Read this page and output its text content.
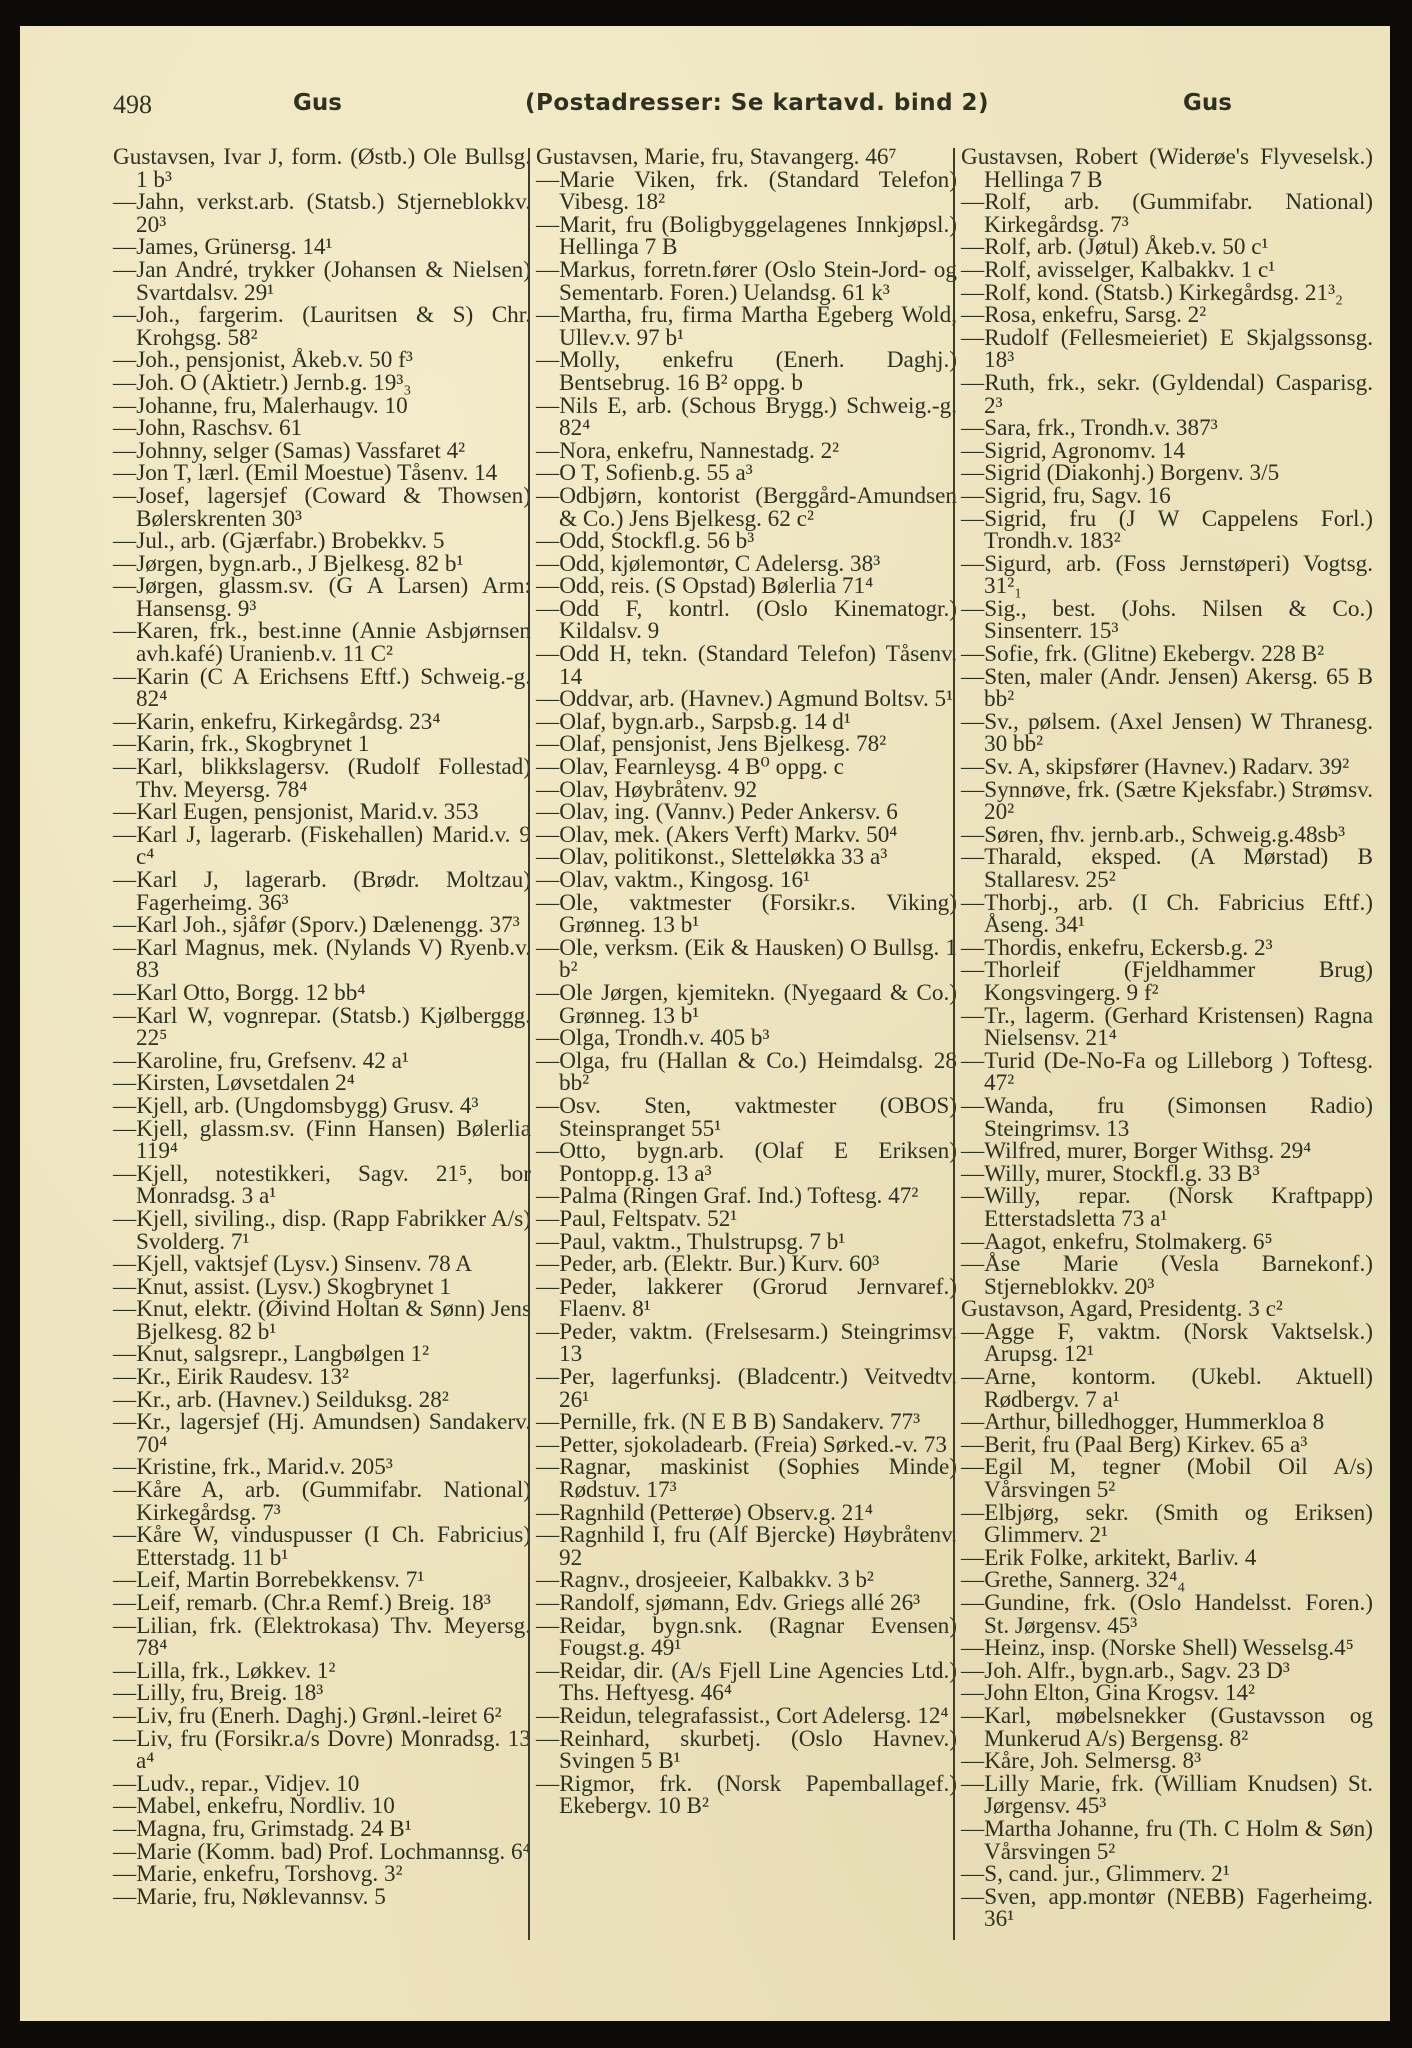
498	Gus	(Postadresser: Se kartavd. bind 2)	Gus

Gustavsen, Ivar J, form. (Østb.) Ole Bullsg. 1 b³

—Jahn, verkst.arb. (Statsb.) Stjerneblokkv. 20³

—James, Grünersg. 14¹

—Jan André, trykker (Johansen & Nielsen) Svartdalsv. 29¹

—Joh., fargerim. (Lauritsen & S) Chr. Krohgsg. 58²

—Joh., pensjonist, Åkeb.v. 50 f³

—Joh. O (Aktietr.) Jernb.g. 19³₃

—Johanne, fru, Malerhaugv. 10

—John, Raschsv. 61

—Johnny, selger (Samas) Vassfaret 4²

—Jon T, lærl. (Emil Moestue) Tåsenv. 14

—Josef, lagersjef (Coward & Thowsen) Bølerskrenten 30³

—Jul., arb. (Gjærfabr.) Brobekkv. 5

—Jørgen, bygn.arb., J Bjelkesg. 82 b¹

—Jørgen, glassm.sv. (G A Larsen) Arm: Hansensg. 9³

—Karen, frk., best.inne (Annie Asbjørnsen avh.kafé) Uranienb.v. 11 C²

—Karin (C A Erichsens Eftf.) Schweig.-g. 82⁴

—Karin, enkefru, Kirkegårdsg. 23⁴

—Karin, frk., Skogbrynet 1

—Karl, blikkslagersv. (Rudolf Follestad) Thv. Meyersg. 78⁴

—Karl Eugen, pensjonist, Marid.v. 353

—Karl J, lagerarb. (Fiskehallen) Marid.v. 9 c⁴

—Karl J, lagerarb. (Brødr. Moltzau) Fagerheimg. 36³

—Karl Joh., sjåfør (Sporv.) Dælenengg. 37³

—Karl Magnus, mek. (Nylands V) Ryenb.v. 83

—Karl Otto, Borgg. 12 bb⁴

—Karl W, vognrepar. (Statsb.) Kjølberggg. 22⁵

—Karoline, fru, Grefsenv. 42 a¹

—Kirsten, Løvsetdalen 2⁴

—Kjell, arb. (Ungdomsbygg) Grusv. 4³

—Kjell, glassm.sv. (Finn Hansen) Bølerlia 119⁴

—Kjell, notestikkeri, Sagv. 21⁵, bor Monradsg. 3 a¹

—Kjell, siviling., disp. (Rapp Fabrikker A/s) Svolderg. 7¹

—Kjell, vaktsjef (Lysv.) Sinsenv. 78 A

—Knut, assist. (Lysv.) Skogbrynet 1

—Knut, elektr. (Øivind Holtan & Sønn) Jens Bjelkesg. 82 b¹

—Knut, salgsrepr., Langbølgen 1²

—Kr., Eirik Raudesv. 13²

—Kr., arb. (Havnev.) Seilduksg. 28²

—Kr., lagersjef (Hj. Amundsen) Sandakerv. 70⁴

—Kristine, frk., Marid.v. 205³

—Kåre A, arb. (Gummifabr. National) Kirkegårdsg. 7³

—Kåre W, vinduspusser (I Ch. Fabricius) Etterstadg. 11 b¹

—Leif, Martin Borrebekkensv. 7¹

—Leif, remarb. (Chr.a Remf.) Breig. 18³

—Lilian, frk. (Elektrokasa) Thv. Meyersg. 78⁴

—Lilla, frk., Løkkev. 1²

—Lilly, fru, Breig. 18³

—Liv, fru (Enerh. Daghj.) Grønl.-leiret 6²

—Liv, fru (Forsikr.a/s Dovre) Monradsg. 13 a⁴

—Ludv., repar., Vidjev. 10

—Mabel, enkefru, Nordliv. 10

—Magna, fru, Grimstadg. 24 B¹

—Marie (Komm. bad) Prof. Lochmannsg. 6⁴

—Marie, enkefru, Torshovg. 3²

—Marie, fru, Nøklevannsv. 5

Gustavsen, Marie, fru, Stavangerg. 46⁷

—Marie Viken, frk. (Standard Telefon) Vibesg. 18²

—Marit, fru (Boligbyggelagenes Innkjøpsl.) Hellinga 7 B

—Markus, forretn.fører (Oslo Stein-Jord- og Sementarb. Foren.) Uelandsg. 61 k³

—Martha, fru, firma Martha Egeberg Wold, Ullev.v. 97 b¹

—Molly, enkefru (Enerh. Daghj.) Bentsebrug. 16 B² oppg. b

—Nils E, arb. (Schous Brygg.) Schweig.-g. 82⁴

—Nora, enkefru, Nannestadg. 2²

—O T, Sofienb.g. 55 a³

—Odbjørn, kontorist (Berggård-Amundsen & Co.) Jens Bjelkesg. 62 c²

—Odd, Stockfl.g. 56 b³

—Odd, kjølemontør, C Adelersg. 38³

—Odd, reis. (S Opstad) Bølerlia 71⁴

—Odd F, kontrl. (Oslo Kinematogr.) Kildalsv. 9

—Odd H, tekn. (Standard Telefon) Tåsenv. 14

—Oddvar, arb. (Havnev.) Agmund Boltsv. 5¹

—Olaf, bygn.arb., Sarpsb.g. 14 d¹

—Olaf, pensjonist, Jens Bjelkesg. 78²

—Olav, Fearnleysg. 4 B⁰ oppg. c

—Olav, Høybråtenv. 92

—Olav, ing. (Vannv.) Peder Ankersv. 6

—Olav, mek. (Akers Verft) Markv. 50⁴

—Olav, politikonst., Sletteløkka 33 a³

—Olav, vaktm., Kingosg. 16¹

—Ole, vaktmester (Forsikr.s. Viking) Grønneg. 13 b¹

—Ole, verksm. (Eik & Hausken) O Bullsg. 1 b²

—Ole Jørgen, kjemitekn. (Nyegaard & Co.) Grønneg. 13 b¹

—Olga, Trondh.v. 405 b³

—Olga, fru (Hallan & Co.) Heimdalsg. 28 bb²

—Osv. Sten, vaktmester (OBOS) Steinspranget 55¹

—Otto, bygn.arb. (Olaf E Eriksen) Pontopp.g. 13 a³

—Palma (Ringen Graf. Ind.) Toftesg. 47²

—Paul, Feltspatv. 52¹

—Paul, vaktm., Thulstrupsg. 7 b¹

—Peder, arb. (Elektr. Bur.) Kurv. 60³

—Peder, lakkerer (Grorud Jernvaref.) Flaenv. 8¹

—Peder, vaktm. (Frelsesarm.) Steingrimsv. 13

—Per, lagerfunksj. (Bladcentr.) Veitvedtv. 26¹

—Pernille, frk. (N E B B) Sandakerv. 77³

—Petter, sjokoladearb. (Freia) Sørked.-v. 73

—Ragnar, maskinist (Sophies Minde) Rødstuv. 17³

—Ragnhild (Petterøe) Observ.g. 21⁴

—Ragnhild I, fru (Alf Bjercke) Høybråtenv. 92

—Ragnv., drosjeeier, Kalbakkv. 3 b²

—Randolf, sjømann, Edv. Griegs allé 26³

—Reidar, bygn.snk. (Ragnar Evensen) Fougst.g. 49¹

—Reidar, dir. (A/s Fjell Line Agencies Ltd.) Ths. Heftyesg. 46⁴

—Reidun, telegrafassist., Cort Adelersg. 12⁴

—Reinhard, skurbetj. (Oslo Havnev.) Svingen 5 B¹

—Rigmor, frk. (Norsk Papemballagef.) Ekebergv. 10 B²

Gustavsen, Robert (Widerøe's Flyveselsk.) Hellinga 7 B

—Rolf, arb. (Gummifabr. National) Kirkegårdsg. 7³

—Rolf, arb. (Jøtul) Åkeb.v. 50 c¹

—Rolf, avisselger, Kalbakkv. 1 c¹

—Rolf, kond. (Statsb.) Kirkegårdsg. 21³₂

—Rosa, enkefru, Sarsg. 2²

—Rudolf (Fellesmeieriet) E Skjalgssonsg. 18³

—Ruth, frk., sekr. (Gyldendal) Casparisg. 2³

—Sara, frk., Trondh.v. 387³

—Sigrid, Agronomv. 14

—Sigrid (Diakonhj.) Borgenv. 3/5

—Sigrid, fru, Sagv. 16

—Sigrid, fru (J W Cappelens Forl.) Trondh.v. 183²

—Sigurd, arb. (Foss Jernstøperi) Vogtsg. 31²₁

—Sig., best. (Johs. Nilsen & Co.) Sinsenterr. 15³

—Sofie, frk. (Glitne) Ekebergv. 228 B²

—Sten, maler (Andr. Jensen) Akersg. 65 B bb²

—Sv., pølsem. (Axel Jensen) W Thranesg. 30 bb²

—Sv. A, skipsfører (Havnev.) Radarv. 39²

—Synnøve, frk. (Sætre Kjeksfabr.) Strømsv. 20²

—Søren, fhv. jernb.arb., Schweig.g.48sb³

—Tharald, eksped. (A Mørstad) B Stallaresv. 25²

—Thorbj., arb. (I Ch. Fabricius Eftf.) Åseng. 34¹

—Thordis, enkefru, Eckersb.g. 2³

—Thorleif (Fjeldhammer Brug) Kongsvingerg. 9 f²

—Tr., lagerm. (Gerhard Kristensen) Ragna Nielsensv. 21⁴

—Turid (De-No-Fa og Lilleborg ) Toftesg. 47²

—Wanda, fru (Simonsen Radio) Steingrimsv. 13

—Wilfred, murer, Borger Withsg. 29⁴

—Willy, murer, Stockfl.g. 33 B³

—Willy, repar. (Norsk Kraftpapp) Etterstadsletta 73 a¹

—Aagot, enkefru, Stolmakerg. 6⁵

—Åse Marie (Vesla Barnekonf.) Stjerneblokkv. 20³

Gustavson, Agard, Presidentg. 3 c²

—Agge F, vaktm. (Norsk Vaktselsk.) Arupsg. 12¹

—Arne, kontorm. (Ukebl. Aktuell) Rødbergv. 7 a¹

—Arthur, billedhogger, Hummerkloa 8

—Berit, fru (Paal Berg) Kirkev. 65 a³

—Egil M, tegner (Mobil Oil A/s) Vårsvingen 5²

—Elbjørg, sekr. (Smith og Eriksen) Glimmerv. 2¹

—Erik Folke, arkitekt, Barliv. 4

—Grethe, Sannerg. 32⁴₄

—Gundine, frk. (Oslo Handelsst. Foren.) St. Jørgensv. 45³

—Heinz, insp. (Norske Shell) Wesselsg.4⁵

—Joh. Alfr., bygn.arb., Sagv. 23 D³

—John Elton, Gina Krogsv. 14²

—Karl, møbelsnekker (Gustavsson og Munkerud A/s) Bergensg. 8²

—Kåre, Joh. Selmersg. 8³

—Lilly Marie, frk. (William Knudsen) St. Jørgensv. 45³

—Martha Johanne, fru (Th. C Holm & Søn) Vårsvingen 5²

—S, cand. jur., Glimmerv. 2¹

—Sven, app.montør (NEBB) Fagerheimg. 36¹
